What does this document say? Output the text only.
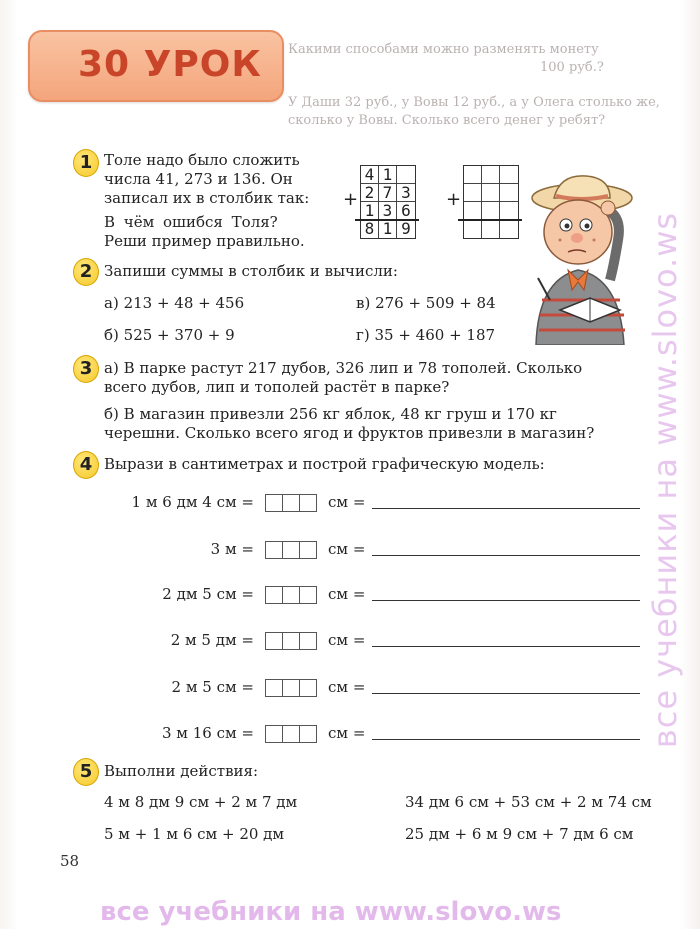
Какими способами можно разменять монету
100 руб.?
У Даши 32 руб., у Вовы 12 руб., а у Олега столько же,
сколько у Вовы. Сколько всего денег у ребят?
30 УРОК
1 Толе надо было сложить
числа 41, 273 и 136. Он
записал их в столбик так:
В чём ошибся Толя?
Реши пример правильно.
+
4 1
2 7 3
1 3 6
8 1 9
+
2 Запиши суммы в столбик и вычисли:
а) 213 + 48 + 456	в) 276 + 509 + 84
б) 525 + 370 + 9	г) 35 + 460 + 187
3 а) В парке растут 217 дубов, 326 лип и 78 тополей. Сколько
всего дубов, лип и тополей растёт в парке?
б) В магазин привезли 256 кг яблок, 48 кг груш и 170 кг
черешни. Сколько всего ягод и фруктов привезли в магазин?
4 Вырази в сантиметрах и построй графическую модель:
1 м 6 дм 4 см =	см =
3 м =	см =
2 дм 5 см =	см =
2 м 5 дм =	см =
2 м 5 см =	см =
3 м 16 см =	см =
5 Выполни действия:
4 м 8 дм 9 см + 2 м 7 дм	34 дм 6 см + 53 см + 2 м 74 см
5 м + 1 м 6 см + 20 дм	25 дм + 6 м 9 см + 7 дм 6 см
58
все учебники на www.slovo.ws
все учебники на www.slovo.ws
